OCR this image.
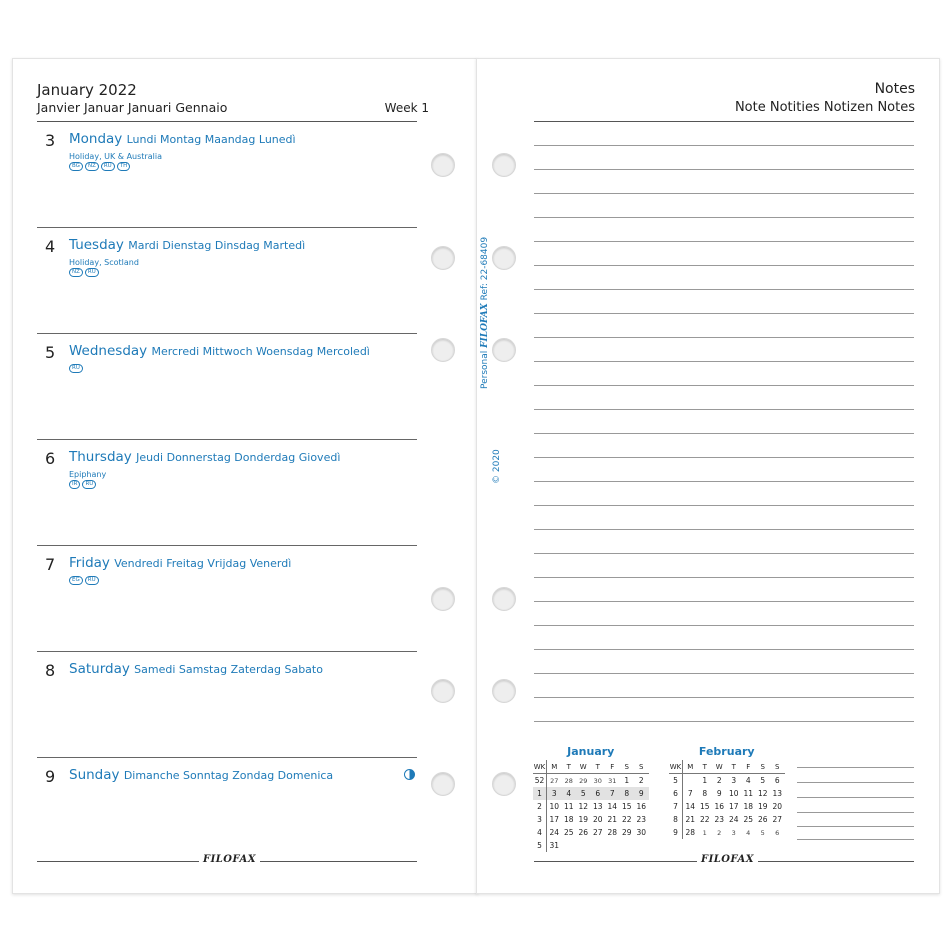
January 2022
Janvier Januar Januari Gennaio	Week 1
3 Monday Lundi Montag Maandag Lunedì
Holiday, UK & Australia
BG	NZ	RU	TH
4 Tuesday Mardi Dienstag Dinsdag Martedì
Holiday, Scotland
NZ	RU
5 Wednesday Mercredi Mittwoch Woensdag Mercoledì
RU
6 Thursday Jeudi Donnerstag Donderdag Giovedì
Epiphany
IR	RU
7 Friday Vendredi Freitag Vrijdag Venerdì
EG	RU
8 Saturday Samedi Samstag Zaterdag Sabato
9 Sunday Dimanche Sonntag Zondag Domenica
FILOFAX
Notes
Note Notities Notizen Notes
Personal FILOFAX Ref: 22-68409
© 2020
January
WK	M	T	W	T	F	S	S
52	27	28	29	30	31	1	2
1	3	4	5	6	7	8	9
2	10	11	12	13	14	15	16
3	17	18	19	20	21	22	23
4	24	25	26	27	28	29	30
5	31						
February
WK	M	T	W	T	F	S	S
5		1	2	3	4	5	6
6	7	8	9	10	11	12	13
7	14	15	16	17	18	19	20
8	21	22	23	24	25	26	27
9	28	1	2	3	4	5	6
FILOFAX
